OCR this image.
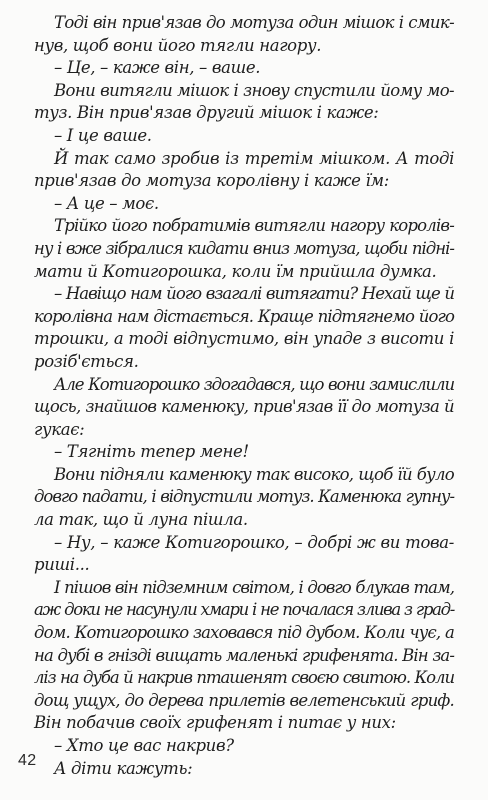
Тоді він прив'язав до мотуза один мішок і смик-
нув, щоб вони його тягли нагору.
– Це, – каже він, – ваше.
Вони витягли мішок і знову спустили йому мо-
туз. Він прив'язав другий мішок і каже:
– І це ваше.
Й так само зробив із третім мішком. А тоді
прив'язав до мотуза королівну і каже їм:
– А це – моє.
Трійко його побратимів витягли нагору королів-
ну і вже зібралися кидати вниз мотуза, щоби підні-
мати й Котигорошка, коли їм прийшла думка.
– Навіщо нам його взагалі витягати? Нехай ще й
королівна нам дістається. Краще підтягнемо його
трошки, а тоді відпустимо, він упаде з висоти і
розіб'ється.
Але Котигорошко здогадався, що вони замислили
щось, знайшов каменюку, прив'язав її до мотуза й
гукає:
– Тягніть тепер мене!
Вони підняли каменюку так високо, щоб їй було
довго падати, і відпустили мотуз. Каменюка гупну-
ла так, що й луна пішла.
– Ну, – каже Котигорошко, – добрі ж ви това-
риші...
І пішов він підземним світом, і довго блукав там,
аж доки не насунули хмари і не почалася злива з град-
дом. Котигорошко заховався під дубом. Коли чує, а
на дубі в гнізді вищать маленькі грифенята. Він за-
ліз на дуба й накрив пташенят своєю свитою. Коли
дощ ущух, до дерева прилетів велетенський гриф.
Він побачив своїх грифенят і питає у них:
– Хто це вас накрив?
А діти кажуть:
42
